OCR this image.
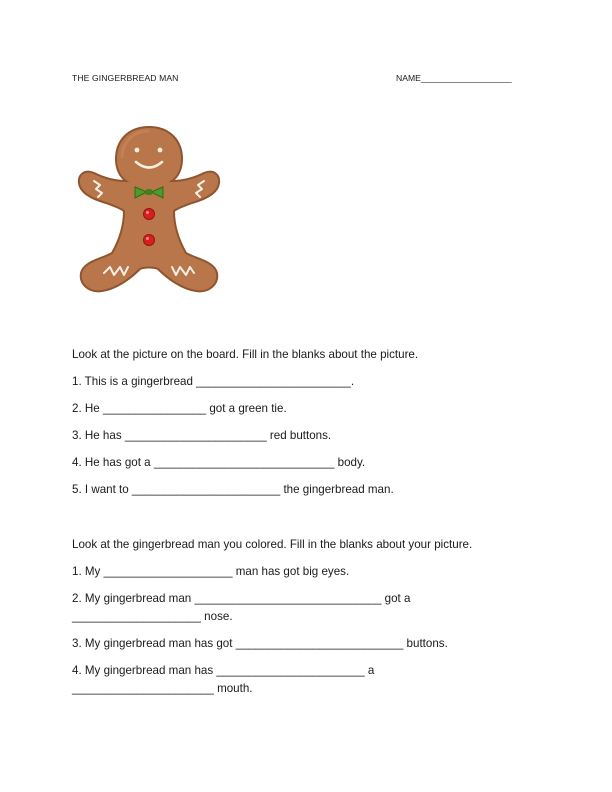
THE GINGERBREAD MAN	NAME___________________
Look at the picture on the board. Fill in the blanks about the picture.
1. This is a gingerbread ________________________.
2. He ________________ got a green tie.
3. He has ______________________ red buttons.
4. He has got a ____________________________ body.
5. I want to _______________________ the gingerbread man.
Look at the gingerbread man you colored. Fill in the blanks about your picture.
1. My ____________________ man has got big eyes.
2. My gingerbread man _____________________________ got a
____________________ nose.
3. My gingerbread man has got __________________________ buttons.
4. My gingerbread man has _______________________ a
______________________ mouth.
